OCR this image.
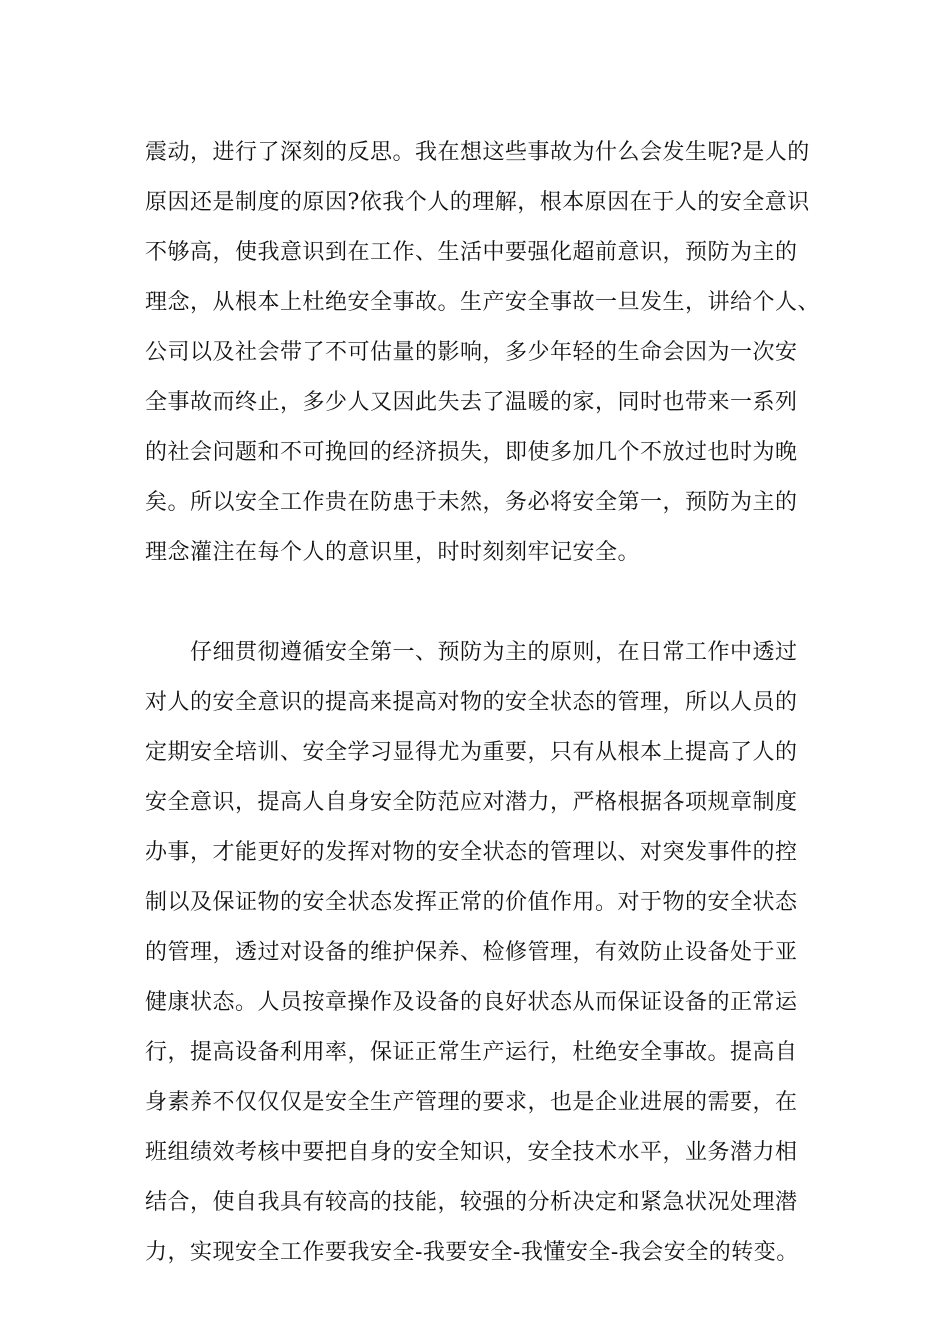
震动，进行了深刻的反思。我在想这些事故为什么会发生呢?是人的
原因还是制度的原因?依我个人的理解，根本原因在于人的安全意识
不够高，使我意识到在工作、生活中要强化超前意识，预防为主的
理念，从根本上杜绝安全事故。生产安全事故一旦发生，讲给个人、
公司以及社会带了不可估量的影响，多少年轻的生命会因为一次安
全事故而终止，多少人又因此失去了温暖的家，同时也带来一系列
的社会问题和不可挽回的经济损失，即使多加几个不放过也时为晚
矣。所以安全工作贵在防患于未然，务必将安全第一，预防为主的
理念灌注在每个人的意识里，时时刻刻牢记安全。
　　仔细贯彻遵循安全第一、预防为主的原则，在日常工作中透过
对人的安全意识的提高来提高对物的安全状态的管理，所以人员的
定期安全培训、安全学习显得尤为重要，只有从根本上提高了人的
安全意识，提高人自身安全防范应对潜力，严格根据各项规章制度
办事，才能更好的发挥对物的安全状态的管理以、对突发事件的控
制以及保证物的安全状态发挥正常的价值作用。对于物的安全状态
的管理，透过对设备的维护保养、检修管理，有效防止设备处于亚
健康状态。人员按章操作及设备的良好状态从而保证设备的正常运
行，提高设备利用率，保证正常生产运行，杜绝安全事故。提高自
身素养不仅仅仅是安全生产管理的要求，也是企业进展的需要，在
班组绩效考核中要把自身的安全知识，安全技术水平，业务潜力相
结合，使自我具有较高的技能，较强的分析决定和紧急状况处理潜
力，实现安全工作要我安全-我要安全-我懂安全-我会安全的转变。
